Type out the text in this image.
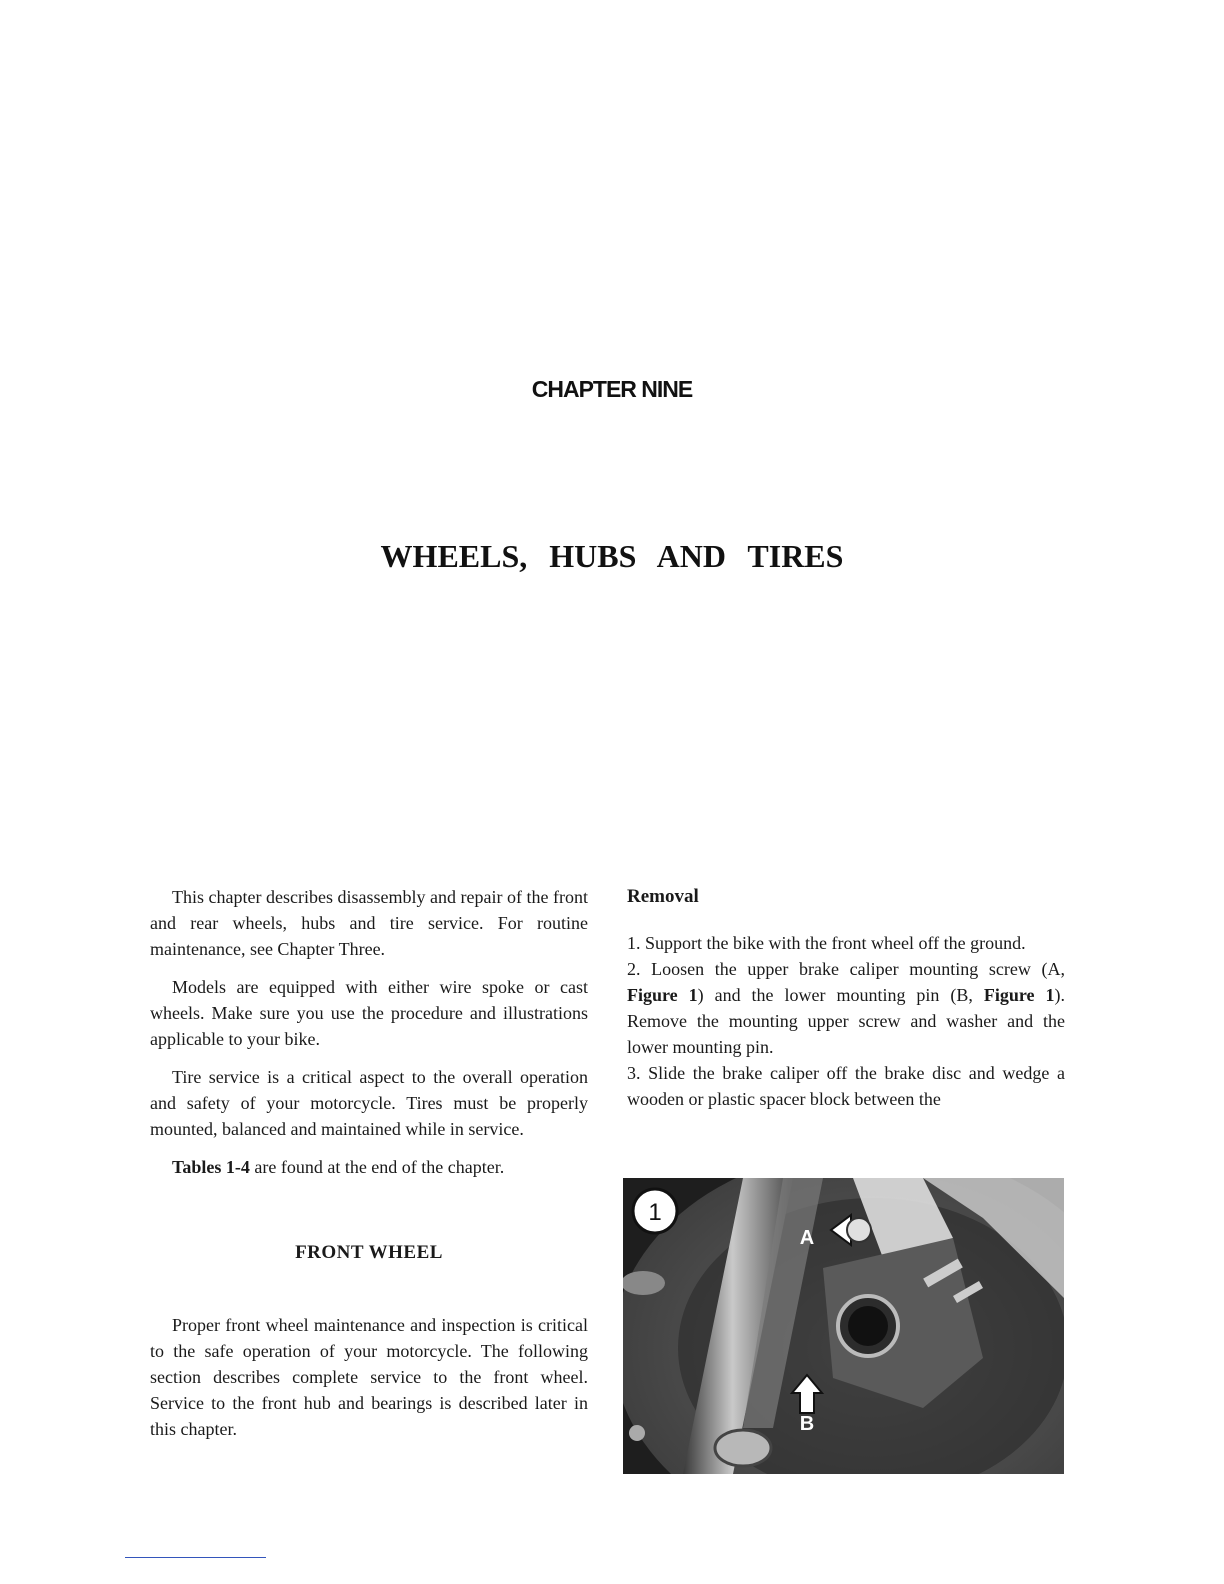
CHAPTER NINE
WHEELS, HUBS AND TIRES

This chapter describes disassembly and repair of the front and rear wheels, hubs and tire service. For routine maintenance, see Chapter Three.

Models are equipped with either wire spoke or cast wheels. Make sure you use the procedure and illustrations applicable to your bike.

Tire service is a critical aspect to the overall operation and safety of your motorcycle. Tires must be properly mounted, balanced and maintained while in service.

Tables 1-4 are found at the end of the chapter.

FRONT WHEEL

Proper front wheel maintenance and inspection is critical to the safe operation of your motorcycle. The following section describes complete service to the front wheel. Service to the front hub and bearings is described later in this chapter.

Removal

1. Support the bike with the front wheel off the ground.

2. Loosen the upper brake caliper mounting screw (A, Figure 1) and the lower mounting pin (B, Figure 1). Remove the mounting upper screw and washer and the lower mounting pin.

3. Slide the brake caliper off the brake disc and wedge a wooden or plastic spacer block between the

1
A
B
